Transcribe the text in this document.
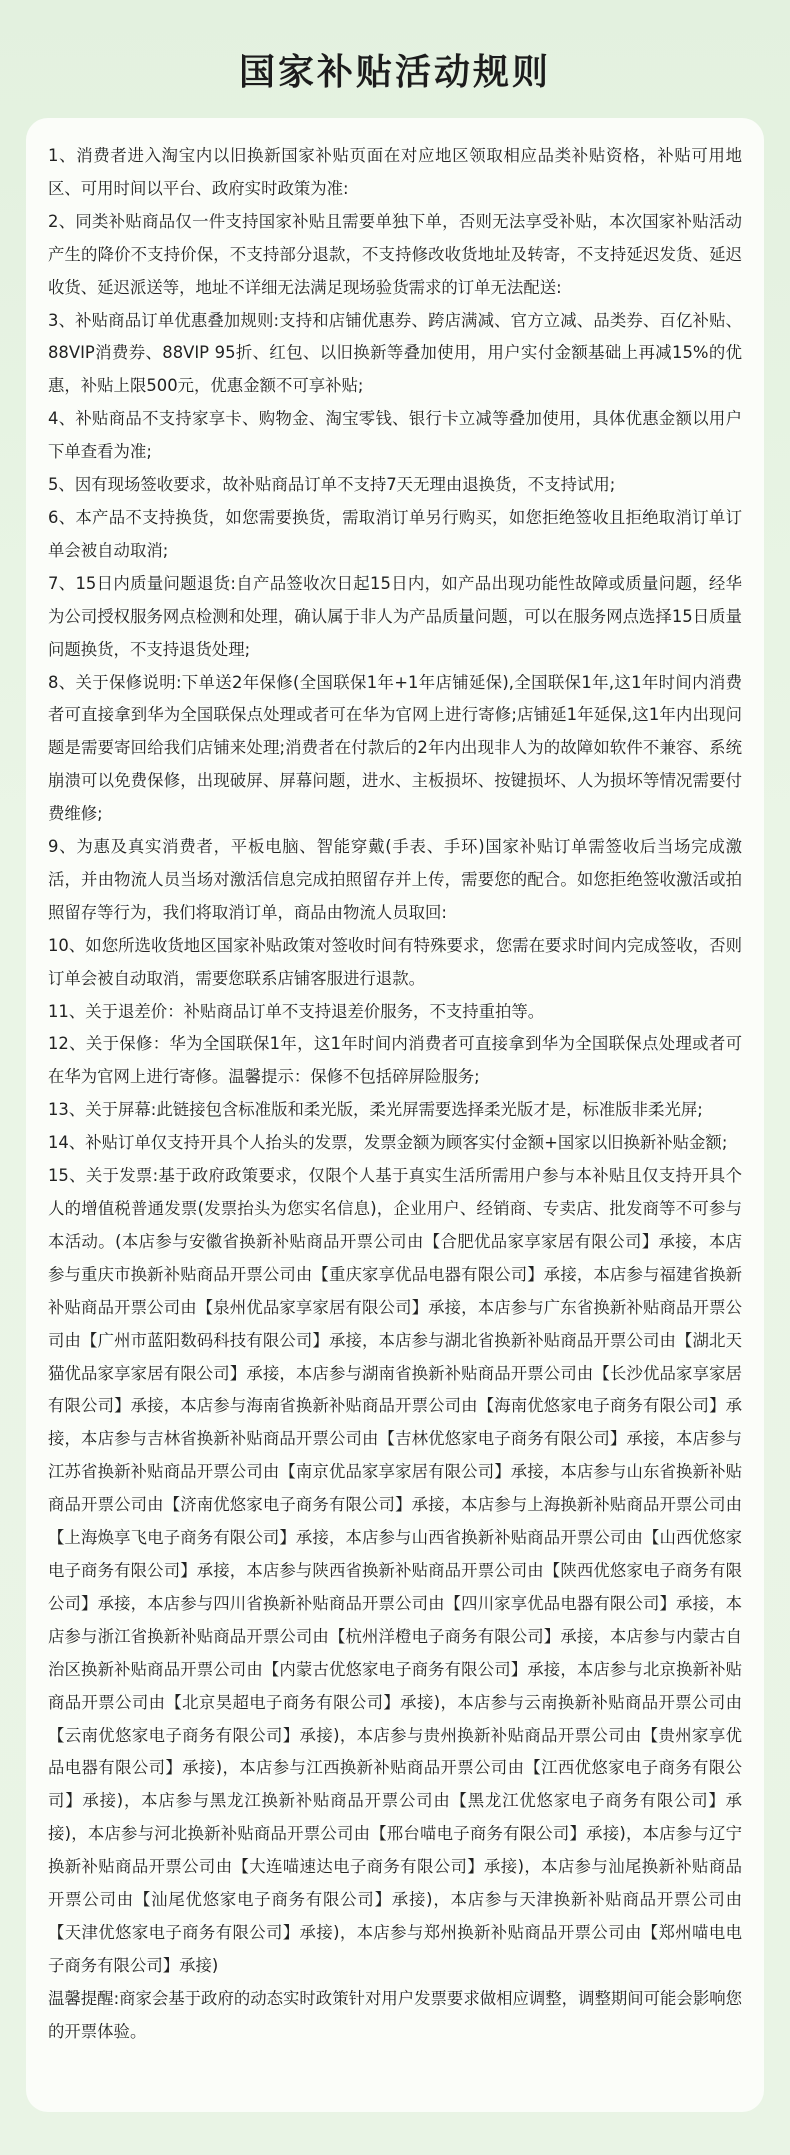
国家补贴活动规则

1、消费者进入淘宝内以旧换新国家补贴页面在对应地区领取相应品类补贴资格，补贴可用地区、可用时间以平台、政府实时政策为准:

2、同类补贴商品仅一件支持国家补贴且需要单独下单，否则无法享受补贴，本次国家补贴活动产生的降价不支持价保，不支持部分退款，不支持修改收货地址及转寄，不支持延迟发货、延迟收货、延迟派送等，地址不详细无法满足现场验货需求的订单无法配送:

3、补贴商品订单优惠叠加规则:支持和店铺优惠券、跨店满减、官方立减、品类券、百亿补贴、88VIP消费券、88VIP 95折、红包、以旧换新等叠加使用，用户实付金额基础上再减15%的优惠，补贴上限500元，优惠金额不可享补贴;

4、补贴商品不支持家享卡、购物金、淘宝零钱、银行卡立减等叠加使用，具体优惠金额以用户下单查看为准;

5、因有现场签收要求，故补贴商品订单不支持7天无理由退换货，不支持试用;

6、本产品不支持换货，如您需要换货，需取消订单另行购买，如您拒绝签收且拒绝取消订单订单会被自动取消;

7、15日内质量问题退货:自产品签收次日起15日内，如产品出现功能性故障或质量问题，经华为公司授权服务网点检测和处理，确认属于非人为产品质量问题，可以在服务网点选择15日质量问题换货，不支持退货处理;

8、关于保修说明:下单送2年保修(全国联保1年+1年店铺延保),全国联保1年,这1年时间内消费者可直接拿到华为全国联保点处理或者可在华为官网上进行寄修;店铺延1年延保,这1年内出现问题是需要寄回给我们店铺来处理;消费者在付款后的2年内出现非人为的故障如软件不兼容、系统崩溃可以免费保修，出现破屏、屏幕问题，进水、主板损坏、按键损坏、人为损坏等情况需要付费维修;

9、为惠及真实消费者，平板电脑、智能穿戴(手表、手环)国家补贴订单需签收后当场完成激活，并由物流人员当场对激活信息完成拍照留存并上传，需要您的配合。如您拒绝签收激活或拍照留存等行为，我们将取消订单，商品由物流人员取回:

10、如您所选收货地区国家补贴政策对签收时间有特殊要求，您需在要求时间内完成签收，否则订单会被自动取消，需要您联系店铺客服进行退款。

11、关于退差价：补贴商品订单不支持退差价服务，不支持重拍等。

12、关于保修：华为全国联保1年，这1年时间内消费者可直接拿到华为全国联保点处理或者可在华为官网上进行寄修。温馨提示：保修不包括碎屏险服务;

13、关于屏幕:此链接包含标准版和柔光版，柔光屏需要选择柔光版才是，标准版非柔光屏;

14、补贴订单仅支持开具个人抬头的发票，发票金额为顾客实付金额+国家以旧换新补贴金额;

15、关于发票:基于政府政策要求，仅限个人基于真实生活所需用户参与本补贴且仅支持开具个人的增值税普通发票(发票抬头为您实名信息)，企业用户、经销商、专卖店、批发商等不可参与本活动。(本店参与安徽省换新补贴商品开票公司由【合肥优品家享家居有限公司】承接，本店参与重庆市换新补贴商品开票公司由【重庆家享优品电器有限公司】承接，本店参与福建省换新补贴商品开票公司由【泉州优品家享家居有限公司】承接，本店参与广东省换新补贴商品开票公司由【广州市蓝阳数码科技有限公司】承接，本店参与湖北省换新补贴商品开票公司由【湖北天猫优品家享家居有限公司】承接，本店参与湖南省换新补贴商品开票公司由【长沙优品家享家居有限公司】承接，本店参与海南省换新补贴商品开票公司由【海南优悠家电子商务有限公司】承接，本店参与吉林省换新补贴商品开票公司由【吉林优悠家电子商务有限公司】承接，本店参与江苏省换新补贴商品开票公司由【南京优品家享家居有限公司】承接，本店参与山东省换新补贴商品开票公司由【济南优悠家电子商务有限公司】承接，本店参与上海换新补贴商品开票公司由【上海焕享飞电子商务有限公司】承接，本店参与山西省换新补贴商品开票公司由【山西优悠家电子商务有限公司】承接，本店参与陕西省换新补贴商品开票公司由【陕西优悠家电子商务有限公司】承接，本店参与四川省换新补贴商品开票公司由【四川家享优品电器有限公司】承接，本店参与浙江省换新补贴商品开票公司由【杭州洋橙电子商务有限公司】承接，本店参与内蒙古自治区换新补贴商品开票公司由【内蒙古优悠家电子商务有限公司】承接，本店参与北京换新补贴商品开票公司由【北京昊超电子商务有限公司】承接)，本店参与云南换新补贴商品开票公司由【云南优悠家电子商务有限公司】承接)，本店参与贵州换新补贴商品开票公司由【贵州家享优品电器有限公司】承接)，本店参与江西换新补贴商品开票公司由【江西优悠家电子商务有限公司】承接)，本店参与黑龙江换新补贴商品开票公司由【黑龙江优悠家电子商务有限公司】承接)，本店参与河北换新补贴商品开票公司由【邢台喵电子商务有限公司】承接)，本店参与辽宁换新补贴商品开票公司由【大连喵速达电子商务有限公司】承接)，本店参与汕尾换新补贴商品开票公司由【汕尾优悠家电子商务有限公司】承接)，本店参与天津换新补贴商品开票公司由【天津优悠家电子商务有限公司】承接)，本店参与郑州换新补贴商品开票公司由【郑州喵电电子商务有限公司】承接)

温馨提醒:商家会基于政府的动态实时政策针对用户发票要求做相应调整，调整期间可能会影响您的开票体验。
